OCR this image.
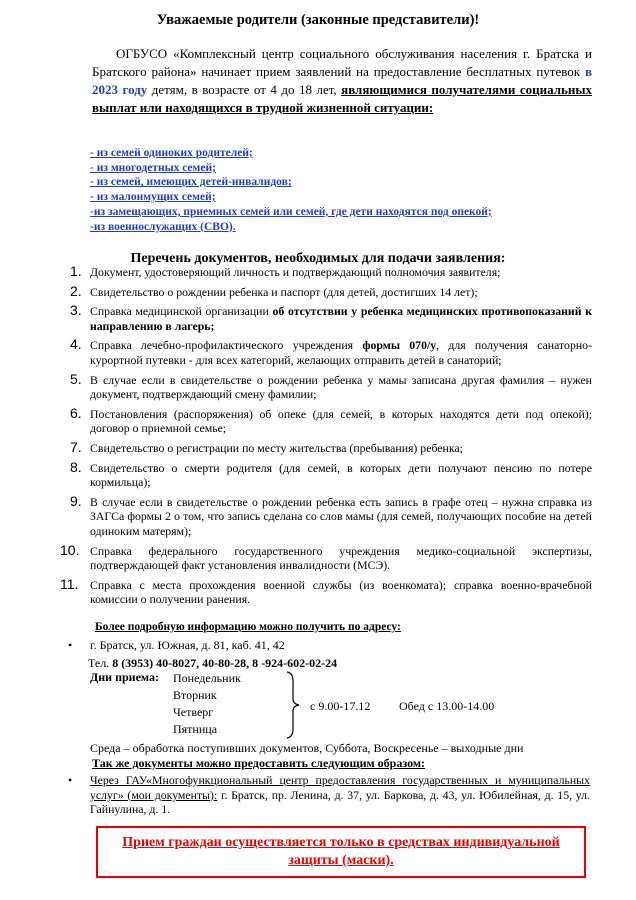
Уважаемые родители (законные представители)!
ОГБУСО «Комплексный центр социального обслуживания населения г. Братска и Братского района» начинает прием заявлений на предоставление бесплатных путевок в 2023 году детям, в возрасте от 4 до 18 лет, являющимися получателями социальных выплат или находящихся в трудной жизненной ситуации:
- из семей одиноких родителей;
- из многодетных семей;
- из семей, имеющих детей-инвалидов;
- из малоимущих семей;
-из замещающих, приемных семей или семей, где дети находятся под опекой;
-из военнослужащих (СВО).
Перечень документов, необходимых для подачи заявления:
1. Документ, удостоверяющий личность и подтверждающий полномочия заявителя;
2. Свидетельство о рождении ребенка и паспорт (для детей, достигших 14 лет);
3. Справка медицинской организации об отсутствии у ребенка медицинских противопоказаний к направлению в лагерь;
4. Справка лечебно-профилактического учреждения формы 070/у, для получения санаторно-курортной путевки - для всех категорий, желающих отправить детей в санаторий;
5. В случае если в свидетельстве о рождении ребенка у мамы записана другая фамилия – нужен документ, подтверждающий смену фамилии;
6. Постановления (распоряжения) об опеке (для семей, в которых находятся дети под опекой); договор о приемной семье;
7. Свидетельство о регистрации по месту жительства (пребывания) ребенка;
8. Свидетельство о смерти родителя (для семей, в которых дети получают пенсию по потере кормильца);
9. В случае если в свидетельстве о рождении ребенка есть запись в графе отец – нужна справка из ЗАГСа формы 2 о том, что запись сделана со слов мамы (для семей, получающих пособие на детей одиноким матерям);
10. Справка федерального государственного учреждения медико-социальной экспертизы, подтверждающей факт установления инвалидности (МСЭ).
11. Справка с места прохождения военной службы (из военкомата); справка военно-врачебной комиссии о получении ранения.
Более подробную информацию можно получить по адресу:
• г. Братск, ул. Южная, д. 81, каб. 41, 42
Тел. 8 (3953) 40-8027, 40-80-28, 8 -924-602-02-24
Дни приема: Понедельник
Вторник
Четверг
Пятница
с 9.00-17.12 Обед с 13.00-14.00
Среда – обработка поступивших документов, Суббота, Воскресенье – выходные дни
Так же документы можно предоставить следующим образом:
• Через ГАУ«Многофункциональный центр предоставления государственных и муниципальных услуг» (мои документы): г. Братск, пр. Ленина, д. 37, ул. Баркова, д. 43, ул. Юбилейная, д. 15, ул. Гайнулина, д. 1.
Прием граждан осуществляется только в средствах индивидуальной защиты (маски).
